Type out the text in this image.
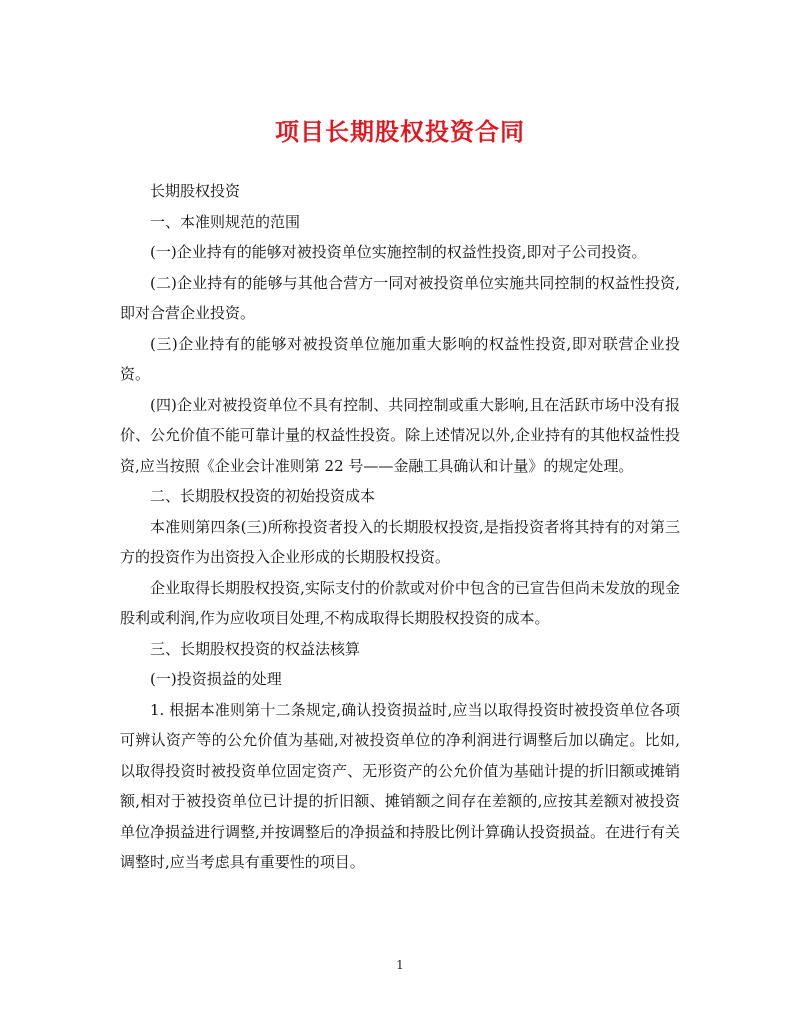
项目长期股权投资合同

长期股权投资

一、本准则规范的范围

(一)企业持有的能够对被投资单位实施控制的权益性投资,即对子公司投资。

(二)企业持有的能够与其他合营方一同对被投资单位实施共同控制的权益性投资,即对合营企业投资。

(三)企业持有的能够对被投资单位施加重大影响的权益性投资,即对联营企业投资。

(四)企业对被投资单位不具有控制、共同控制或重大影响,且在活跃市场中没有报价、公允价值不能可靠计量的权益性投资。除上述情况以外,企业持有的其他权益性投资,应当按照《企业会计准则第 22 号——金融工具确认和计量》的规定处理。

二、长期股权投资的初始投资成本

本准则第四条(三)所称投资者投入的长期股权投资,是指投资者将其持有的对第三方的投资作为出资投入企业形成的长期股权投资。

企业取得长期股权投资,实际支付的价款或对价中包含的已宣告但尚未发放的现金股利或利润,作为应收项目处理,不构成取得长期股权投资的成本。

三、长期股权投资的权益法核算

(一)投资损益的处理

1. 根据本准则第十二条规定,确认投资损益时,应当以取得投资时被投资单位各项可辨认资产等的公允价值为基础,对被投资单位的净利润进行调整后加以确定。比如,以取得投资时被投资单位固定资产、无形资产的公允价值为基础计提的折旧额或摊销额,相对于被投资单位已计提的折旧额、摊销额之间存在差额的,应按其差额对被投资单位净损益进行调整,并按调整后的净损益和持股比例计算确认投资损益。在进行有关调整时,应当考虑具有重要性的项目。

1
